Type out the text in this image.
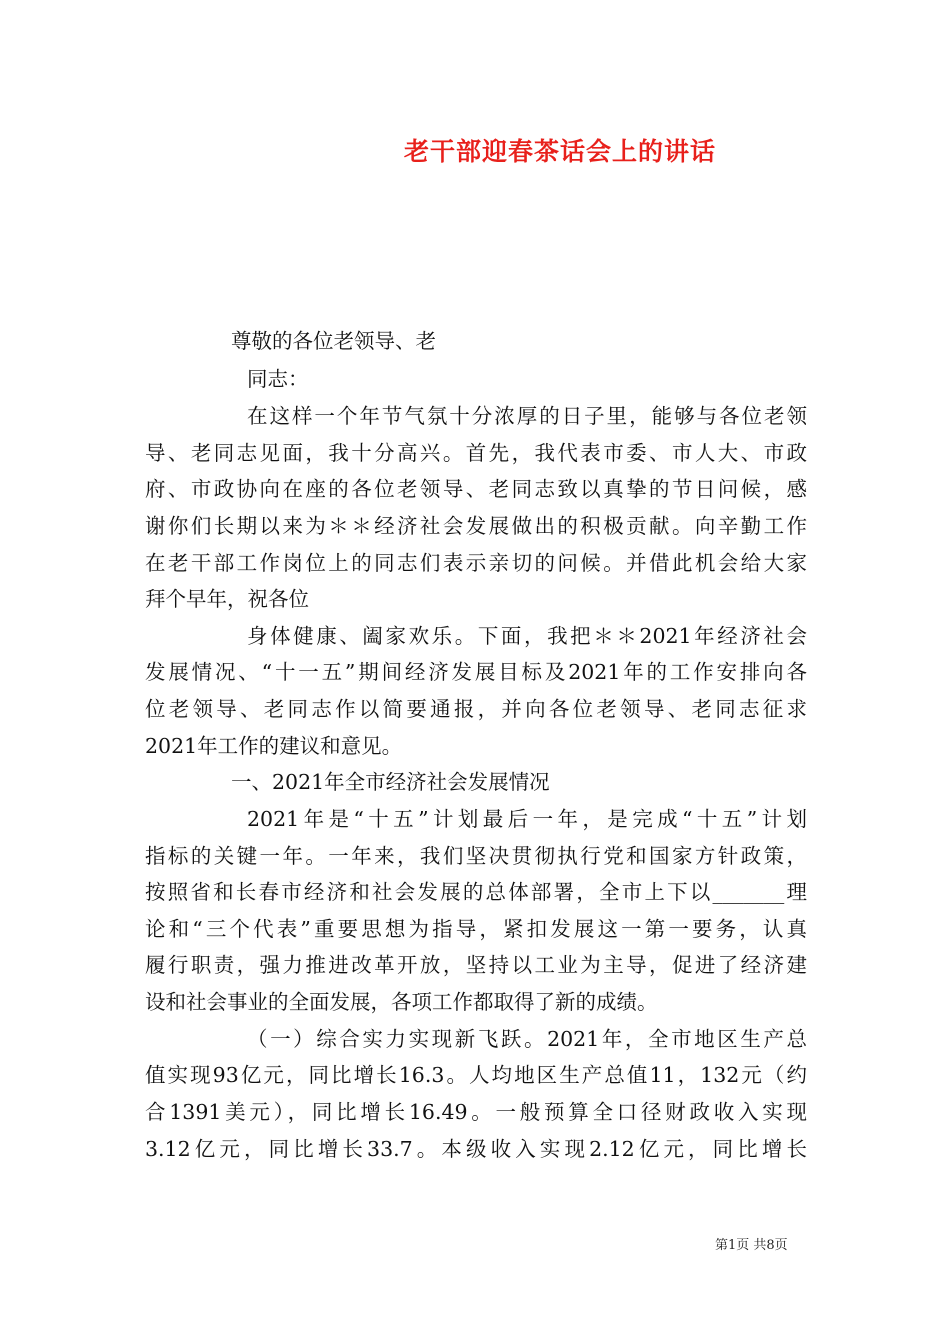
老干部迎春茶话会上的讲话
尊敬的各位老领导、老
同志：
在这样一个年节气氛十分浓厚的日子里，能够与各位老领
导、老同志见面，我十分高兴。首先，我代表市委、市人大、市政
府、市政协向在座的各位老领导、老同志致以真挚的节日问候，感
谢你们长期以来为＊＊经济社会发展做出的积极贡献。向辛勤工作
在老干部工作岗位上的同志们表示亲切的问候。并借此机会给大家
拜个早年，祝各位
身体健康、阖家欢乐。下面，我把＊＊2021年经济社会
发展情况、“十一五”期间经济发展目标及2021年的工作安排向各
位老领导、老同志作以简要通报，并向各位老领导、老同志征求
2021年工作的建议和意见。
一、2021年全市经济社会发展情况
2021年是“十五”计划最后一年，是完成“十五”计划
指标的关键一年。一年来，我们坚决贯彻执行党和国家方针政策，
按照省和长春市经济和社会发展的总体部署，全市上下以_______理
论和“三个代表”重要思想为指导，紧扣发展这一第一要务，认真
履行职责，强力推进改革开放，坚持以工业为主导，促进了经济建
设和社会事业的全面发展，各项工作都取得了新的成绩。
（一）综合实力实现新飞跃。2021年，全市地区生产总
值实现93亿元，同比增长16.3。人均地区生产总值11，132元（约
合1391美元），同比增长16.49。一般预算全口径财政收入实现
3.12亿元，同比增长33.7。本级收入实现2.12亿元，同比增长
第1页 共8页
